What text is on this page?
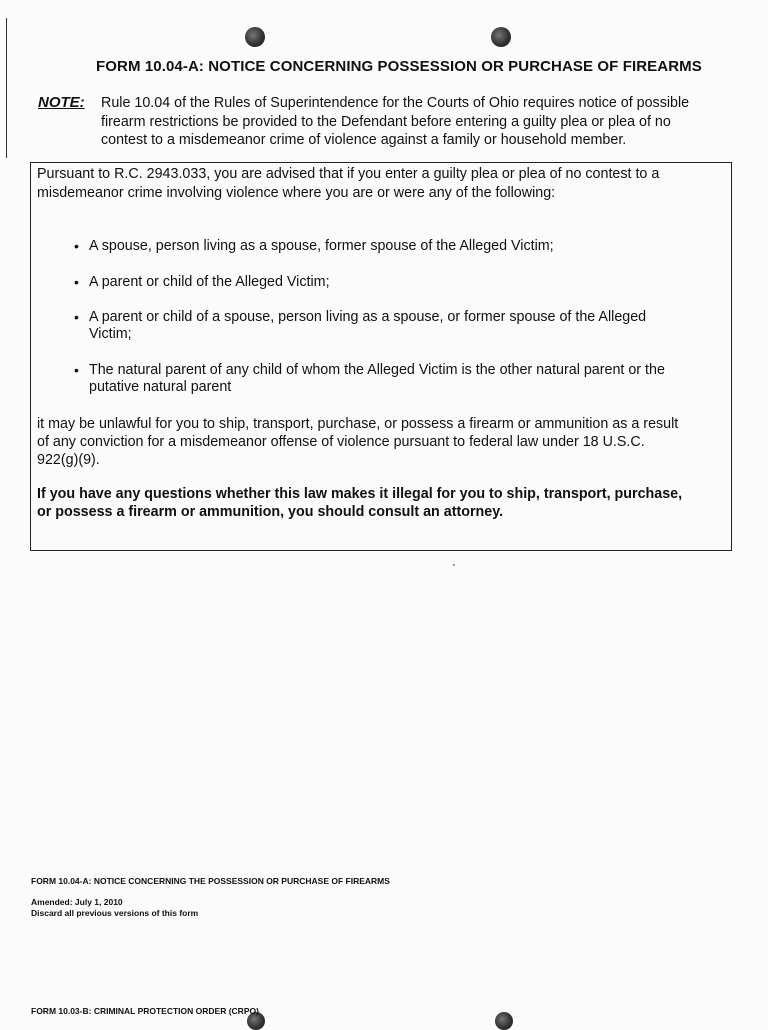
FORM 10.04-A: NOTICE CONCERNING POSSESSION OR PURCHASE OF FIREARMS
NOTE: Rule 10.04 of the Rules of Superintendence for the Courts of Ohio requires notice of possible
firearm restrictions be provided to the Defendant before entering a guilty plea or plea of no
contest to a misdemeanor crime of violence against a family or household member.
Pursuant to R.C. 2943.033, you are advised that if you enter a guilty plea or plea of no contest to a
misdemeanor crime involving violence where you are or were any of the following:
• A spouse, person living as a spouse, former spouse of the Alleged Victim;
• A parent or child of the Alleged Victim;
• A parent or child of a spouse, person living as a spouse, or former spouse of the Alleged
Victim;
• The natural parent of any child of whom the Alleged Victim is the other natural parent or the
putative natural parent
it may be unlawful for you to ship, transport, purchase, or possess a firearm or ammunition as a result
of any conviction for a misdemeanor offense of violence pursuant to federal law under 18 U.S.C.
922(g)(9).
If you have any questions whether this law makes it illegal for you to ship, transport, purchase,
or possess a firearm or ammunition, you should consult an attorney.
FORM 10.04-A: NOTICE CONCERNING THE POSSESSION OR PURCHASE OF FIREARMS
Amended: July 1, 2010
Discard all previous versions of this form
FORM 10.03-B: CRIMINAL PROTECTION ORDER (CRPO)
